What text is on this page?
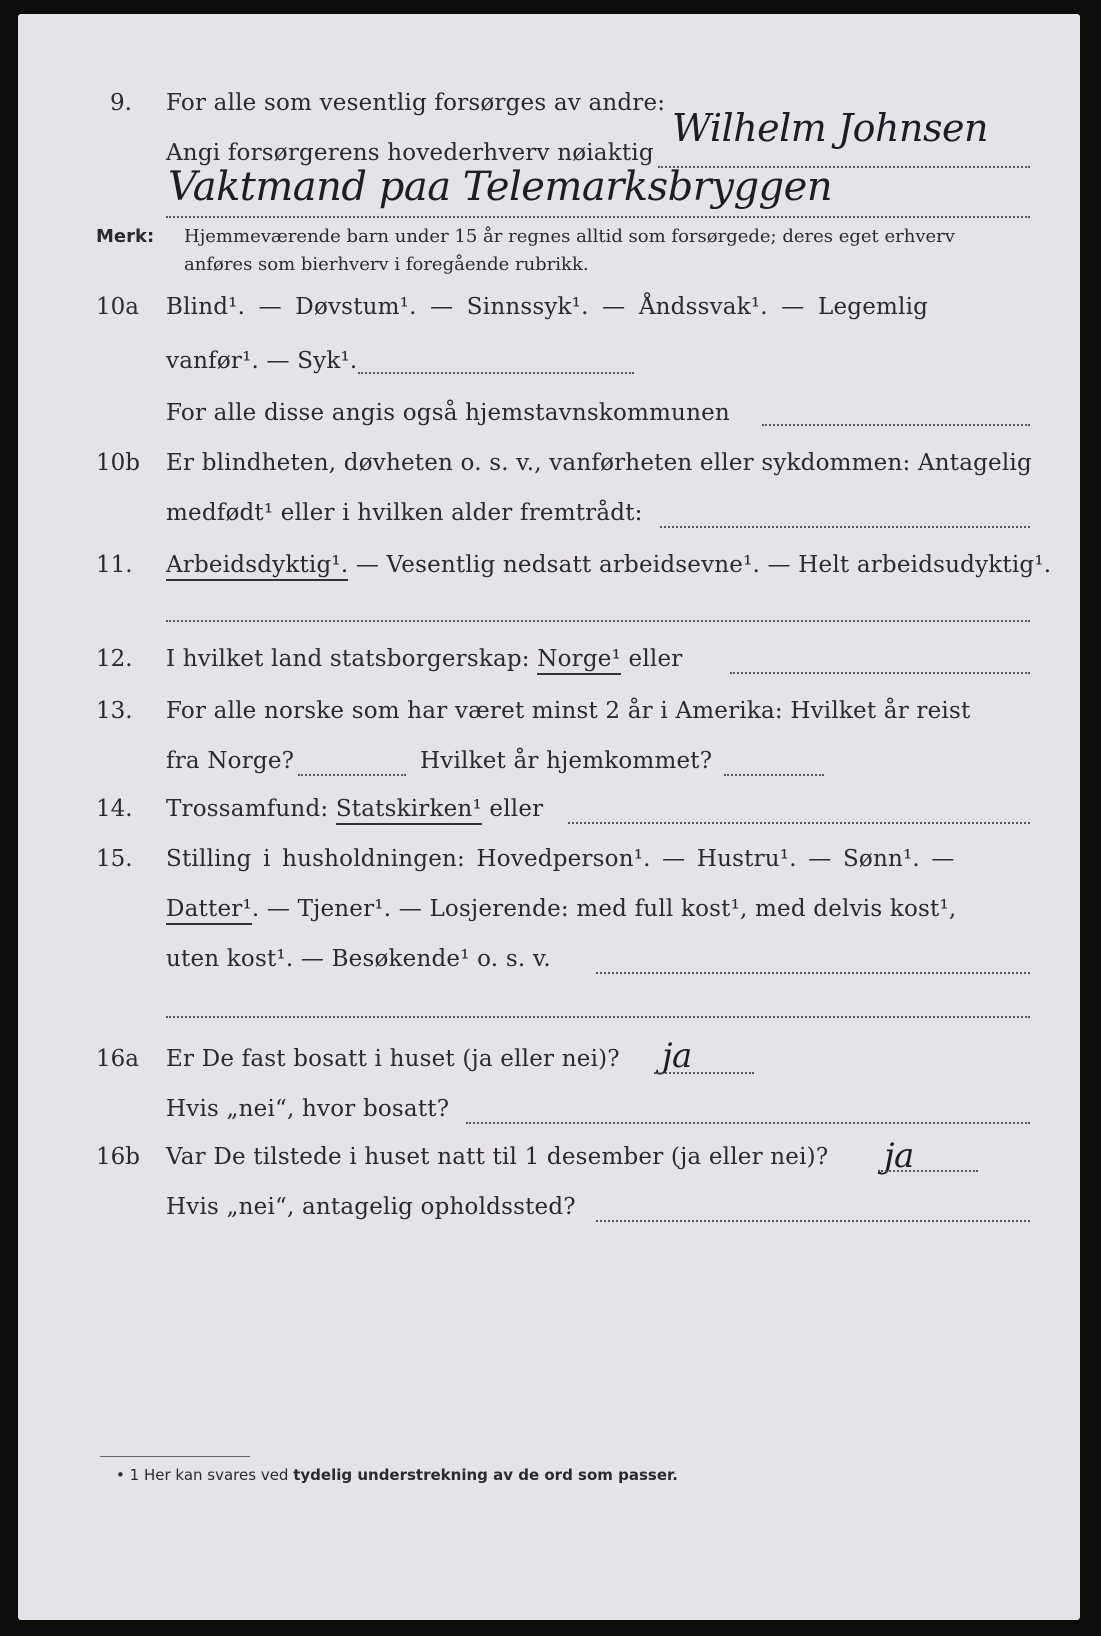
9. For alle som vesentlig forsørges av andre:
Angi forsørgerens hovederhverv nøiaktig
Wilhelm Johnsen
Vaktmand paa Telemarksbryggen
Merk: Hjemmeværende barn under 15 år regnes alltid som forsørgede; deres eget erhverv
anføres som bierhverv i foregående rubrikk.
10a Blind¹. — Døvstum¹. — Sinnssyk¹. — Åndssvak¹. — Legemlig
vanfør¹. — Syk¹.
For alle disse angis også hjemstavnskommunen
10b Er blindheten, døvheten o. s. v., vanførheten eller sykdommen: Antagelig
medfødt¹ eller i hvilken alder fremtrådt:
11. Arbeidsdyktig¹. — Vesentlig nedsatt arbeidsevne¹. — Helt arbeidsudyktig¹.
12. I hvilket land statsborgerskap: Norge¹ eller
13. For alle norske som har været minst 2 år i Amerika: Hvilket år reist
fra Norge?	Hvilket år hjemkommet?
14. Trossamfund: Statskirken¹ eller
15. Stilling i husholdningen: Hovedperson¹. — Hustru¹. — Sønn¹. —
Datter¹. — Tjener¹. — Losjerende: med full kost¹, med delvis kost¹,
uten kost¹. — Besøkende¹ o. s. v.
16a Er De fast bosatt i huset (ja eller nei)? ja
Hvis „nei“, hvor bosatt?
16b Var De tilstede i huset natt til 1 desember (ja eller nei)? ja
Hvis „nei“, antagelig opholdssted?
• 1 Her kan svares ved tydelig understrekning av de ord som passer.
